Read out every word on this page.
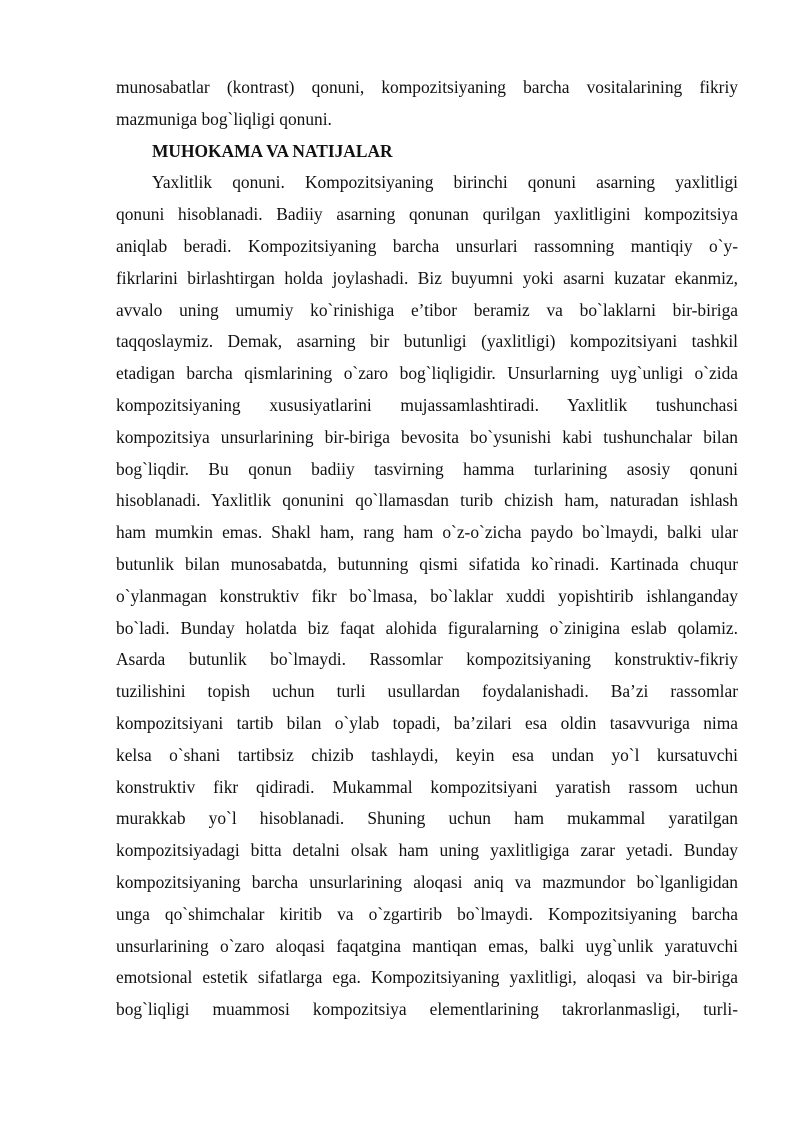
munosabatlar (kontrast) qonuni, kompozitsiyaning barcha vositalarining fikriy
mazmuniga bog`liqligi qonuni.
MUHOKAMA VA NATIJALAR
Yaxlitlik qonuni. Kompozitsiyaning birinchi qonuni asarning yaxlitligi
qonuni hisoblanadi. Badiiy asarning qonunan qurilgan yaxlitligini kompozitsiya
aniqlab beradi. Kompozitsiyaning barcha unsurlari rassomning mantiqiy o`y-
fikrlarini birlashtirgan holda joylashadi. Biz buyumni yoki asarni kuzatar ekanmiz,
avvalo uning umumiy ko`rinishiga e’tibor beramiz va bo`laklarni bir-biriga
taqqoslaymiz. Demak, asarning bir butunligi (yaxlitligi) kompozitsiyani tashkil
etadigan barcha qismlarining o`zaro bog`liqligidir. Unsurlarning uyg`unligi o`zida
kompozitsiyaning xususiyatlarini mujassamlashtiradi. Yaxlitlik tushunchasi
kompozitsiya unsurlarining bir-biriga bevosita bo`ysunishi kabi tushunchalar bilan
bog`liqdir. Bu qonun badiiy tasvirning hamma turlarining asosiy qonuni
hisoblanadi. Yaxlitlik qonunini qo`llamasdan turib chizish ham, naturadan ishlash
ham mumkin emas. Shakl ham, rang ham o`z-o`zicha paydo bo`lmaydi, balki ular
butunlik bilan munosabatda, butunning qismi sifatida ko`rinadi. Kartinada chuqur
o`ylanmagan konstruktiv fikr bo`lmasa, bo`laklar xuddi yopishtirib ishlanganday
bo`ladi. Bunday holatda biz faqat alohida figuralarning o`zinigina eslab qolamiz.
Asarda butunlik bo`lmaydi. Rassomlar kompozitsiyaning konstruktiv-fikriy
tuzilishini topish uchun turli usullardan foydalanishadi. Ba’zi rassomlar
kompozitsiyani tartib bilan o`ylab topadi, ba’zilari esa oldin tasavvuriga nima
kelsa o`shani tartibsiz chizib tashlaydi, keyin esa undan yo`l kursatuvchi
konstruktiv fikr qidiradi. Mukammal kompozitsiyani yaratish rassom uchun
murakkab yo`l hisoblanadi. Shuning uchun ham mukammal yaratilgan
kompozitsiyadagi bitta detalni olsak ham uning yaxlitligiga zarar yetadi. Bunday
kompozitsiyaning barcha unsurlarining aloqasi aniq va mazmundor bo`lganligidan
unga qo`shimchalar kiritib va o`zgartirib bo`lmaydi. Kompozitsiyaning barcha
unsurlarining o`zaro aloqasi faqatgina mantiqan emas, balki uyg`unlik yaratuvchi
emotsional estetik sifatlarga ega. Kompozitsiyaning yaxlitligi, aloqasi va bir-biriga
bog`liqligi muammosi kompozitsiya elementlarining takrorlanmasligi, turli-
